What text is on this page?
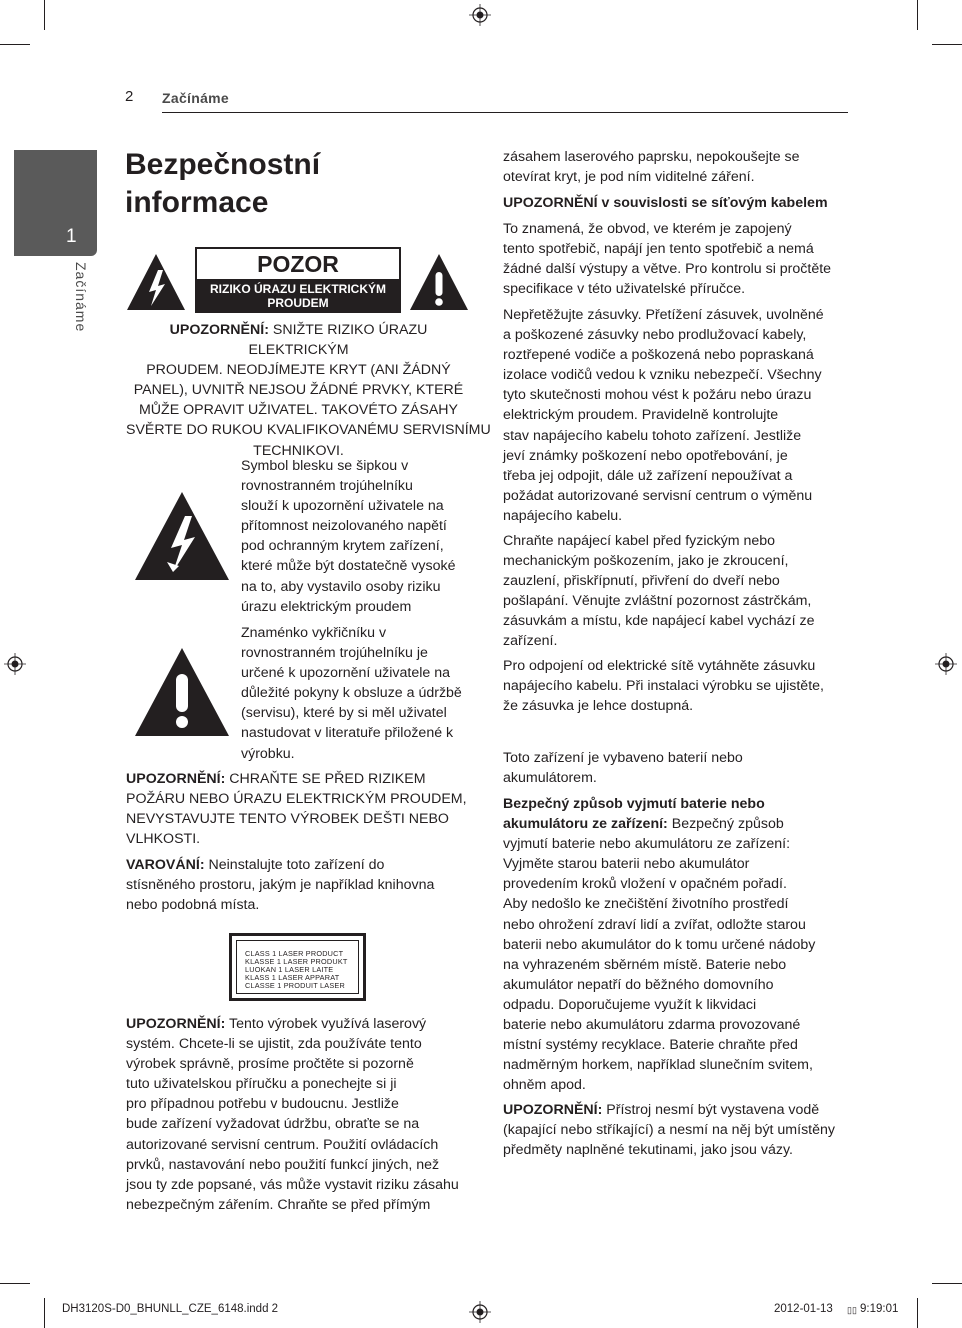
2 Začínáme
1
Začínáme
Bezpečnostní
informace
POZOR
RIZIKO ÚRAZU ELEKTRICKÝM
PROUDEM
UPOZORNĚNÍ: SNIŽTE RIZIKO ÚRAZU ELEKTRICKÝM
PROUDEM. NEODJÍMEJTE KRYT (ANI ŽÁDNÝ
PANEL), UVNITŘ NEJSOU ŽÁDNÉ PRVKY, KTERÉ
MŮŽE OPRAVIT UŽIVATEL. TAKOVÉTO ZÁSAHY
SVĚRTE DO RUKOU KVALIFIKOVANÉMU SERVISNÍMU
TECHNIKOVI.
Symbol blesku se šipkou v
rovnostranném trojúhelníku
slouží k upozornění uživatele na
přítomnost neizolovaného napětí
pod ochranným krytem zařízení,
které může být dostatečně vysoké
na to, aby vystavilo osoby riziku
úrazu elektrickým proudem
Znaménko vykřičníku v
rovnostranném trojúhelníku je
určené k upozornění uživatele na
důležité pokyny k obsluze a údržbě
(servisu), které by si měl uživatel
nastudovat v literatuře přiložené k
výrobku.
UPOZORNĚNÍ: CHRAŇTE SE PŘED RIZIKEM
POŽÁRU NEBO ÚRAZU ELEKTRICKÝM PROUDEM,
NEVYSTAVUJTE TENTO VÝROBEK DEŠTI NEBO
VLHKOSTI.
VAROVÁNÍ: Neinstalujte toto zařízení do
stísněného prostoru, jakým je například knihovna
nebo podobná místa.
CLASS 1 LASER PRODUCT
KLASSE 1 LASER PRODUKT
LUOKAN 1 LASER LAITE
KLASS 1 LASER APPARAT
CLASSE 1 PRODUIT LASER
UPOZORNĚNÍ: Tento výrobek využívá laserový
systém. Chcete-li se ujistit, zda používáte tento
výrobek správně, prosíme pročtěte si pozorně
tuto uživatelskou příručku a ponechejte si ji
pro případnou potřebu v budoucnu. Jestliže
bude zařízení vyžadovat údržbu, obraťte se na
autorizované servisní centrum. Použití ovládacích
prvků, nastavování nebo použití funkcí jiných, než
jsou ty zde popsané, vás může vystavit riziku zásahu
nebezpečným zářením. Chraňte se před přímým
zásahem laserového paprsku, nepokoušejte se
otevírat kryt, je pod ním viditelné záření.
UPOZORNĚNÍ v souvislosti se síťovým kabelem
To znamená, že obvod, ve kterém je zapojený
tento spotřebič, napájí jen tento spotřebič a nemá
žádné další výstupy a větve. Pro kontrolu si pročtěte
specifikace v této uživatelské příručce.
Nepřetěžujte zásuvky. Přetížení zásuvek, uvolněné
a poškozené zásuvky nebo prodlužovací kabely,
roztřepené vodiče a poškozená nebo popraskaná
izolace vodičů vedou k vzniku nebezpečí. Všechny
tyto skutečnosti mohou vést k požáru nebo úrazu
elektrickým proudem. Pravidelně kontrolujte
stav napájecího kabelu tohoto zařízení. Jestliže
jeví známky poškození nebo opotřebování, je
třeba jej odpojit, dále už zařízení nepoužívat a
požádat autorizované servisní centrum o výměnu
napájecího kabelu.
Chraňte napájecí kabel před fyzickým nebo
mechanickým poškozením, jako je zkroucení,
zauzlení, přiskřípnutí, přivření do dveří nebo
pošlapání. Věnujte zvláštní pozornost zástrčkám,
zásuvkám a místu, kde napájecí kabel vychází ze
zařízení.
Pro odpojení od elektrické sítě vytáhněte zásuvku
napájecího kabelu. Při instalaci výrobku se ujistěte,
že zásuvka je lehce dostupná.
Toto zařízení je vybaveno baterií nebo
akumulátorem.
Bezpečný způsob vyjmutí baterie nebo
akumulátoru ze zařízení: Bezpečný způsob
vyjmutí baterie nebo akumulátoru ze zařízení:
Vyjměte starou baterii nebo akumulátor
provedením kroků vložení v opačném pořadí.
Aby nedošlo ke znečištění životního prostředí
nebo ohrožení zdraví lidí a zvířat, odložte starou
baterii nebo akumulátor do k tomu určené nádoby
na vyhrazeném sběrném místě. Baterie nebo
akumulátor nepatří do běžného domovního
odpadu. Doporučujeme využít k likvidaci
baterie nebo akumulátoru zdarma provozované
místní systémy recyklace. Baterie chraňte před
nadměrným horkem, například slunečním svitem,
ohněm apod.
UPOZORNĚNÍ: Přístroj nesmí být vystavena vodě
(kapající nebo stříkající) a nesmí na něj být umístěny
předměty naplněné tekutinami, jako jsou vázy.
DH3120S-D0_BHUNLL_CZE_6148.indd 2	2012-01-13 ▯▯ 9:19:01
